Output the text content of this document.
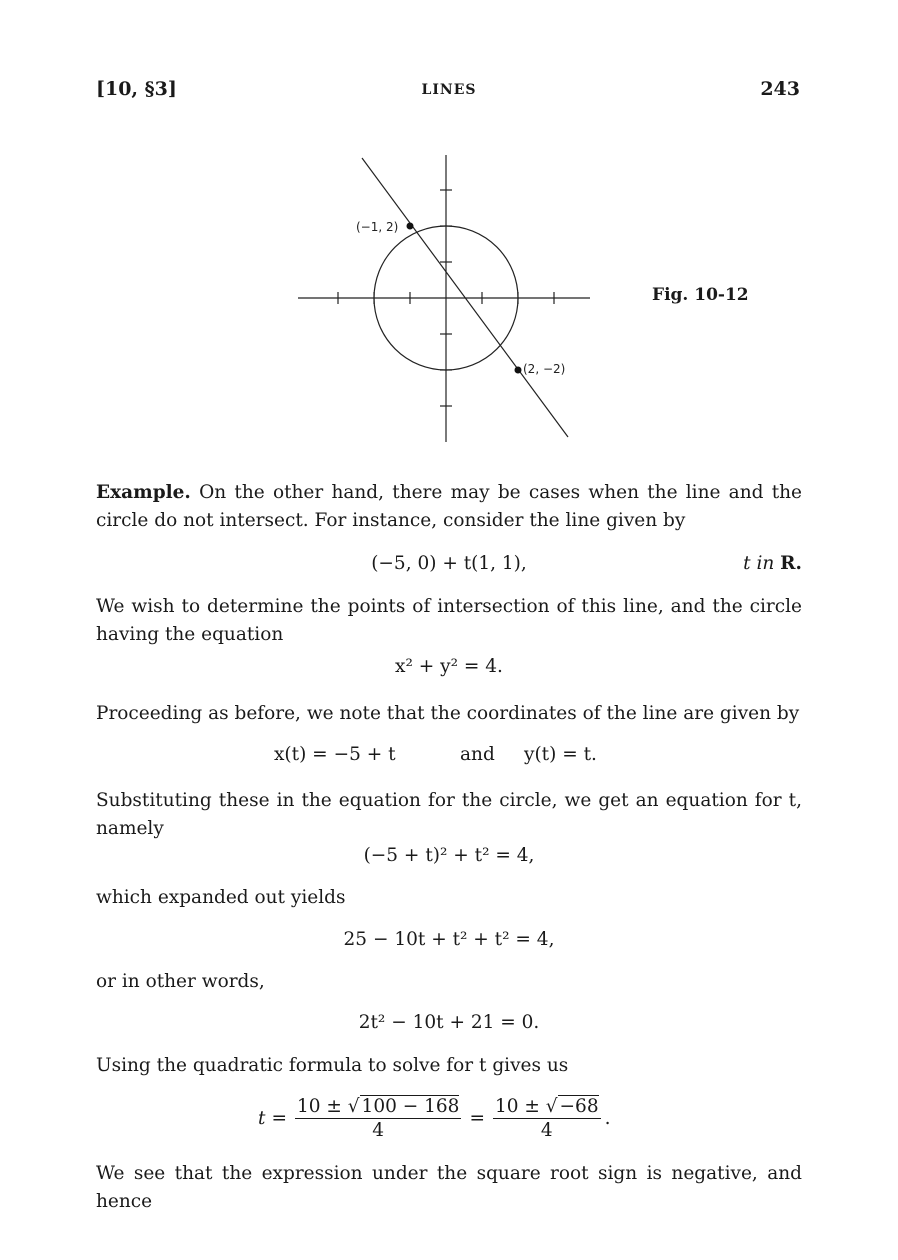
[10, §3]	LINES	243
(−1, 2)
(2, −2)
Fig. 10-12
Example. On the other hand, there may be cases when the line and the circle do not intersect. For instance, consider the line given by
(−5, 0) + t(1, 1),	t in R.
We wish to determine the points of intersection of this line, and the circle having the equation
x² + y² = 4.
Proceeding as before, we note that the coordinates of the line are given by
x(t) = −5 + t	and y(t) = t.
Substituting these in the equation for the circle, we get an equation for t, namely
(−5 + t)² + t² = 4,
which expanded out yields
25 − 10t + t² + t² = 4,
or in other words,
2t² − 10t + 21 = 0.
Using the quadratic formula to solve for t gives us
$t = \frac{10 \pm √ 100 - 168}{4} = \frac{10 \pm √ -68}{4}$ .
We see that the expression under the square root sign is negative, and hence
